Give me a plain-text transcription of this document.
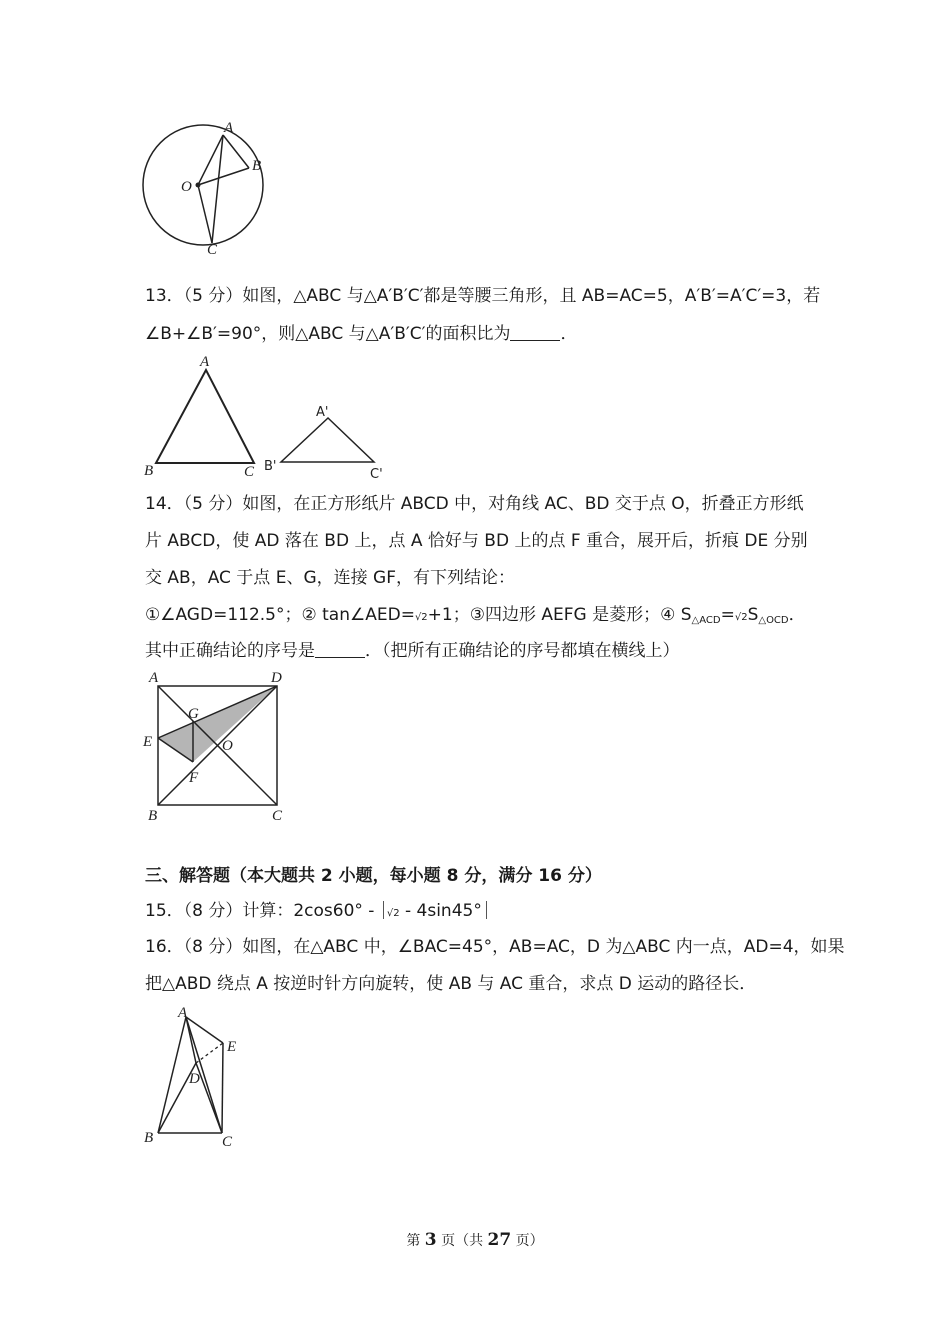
A
B
O
C
13．（5 分）如图，△ABC 与△A′B′C′都是等腰三角形，且 AB=AC=5，A′B′=A′C′=3，若
∠B+∠B′=90°，则△ABC 与△A′B′C′的面积比为	．
A
B	C
A'
B'
C'
14．（5 分）如图，在正方形纸片 ABCD 中，对角线 AC、BD 交于点 O，折叠正方形纸
片 ABCD，使 AD 落在 BD 上，点 A 恰好与 BD 上的点 F 重合，展开后，折痕 DE 分别
交 AB，AC 于点 E、G，连接 GF，有下列结论：
①∠AGD=112.5°；② tan∠AED=√2+1；③四边形 AEFG 是菱形；④ $S_{\triangle ACD}=√2S_{\triangle OCD}$．
其中正确结论的序号是	．（把所有正确结论的序号都填在横线上）
A	D
G
E	O
F
B	C
三、解答题（本大题共 2 小题，每小题 8 分，满分 16 分）
15．（8 分）计算：2cos60° - √2 - 4sin45°
16．（8 分）如图，在△ABC 中，∠BAC=45°，AB=AC，D 为△ABC 内一点，AD=4，如果
把△ABD 绕点 A 按逆时针方向旋转，使 AB 与 AC 重合，求点 D 运动的路径长．
A
E
D
B	C
第 3 页（共 27 页）
